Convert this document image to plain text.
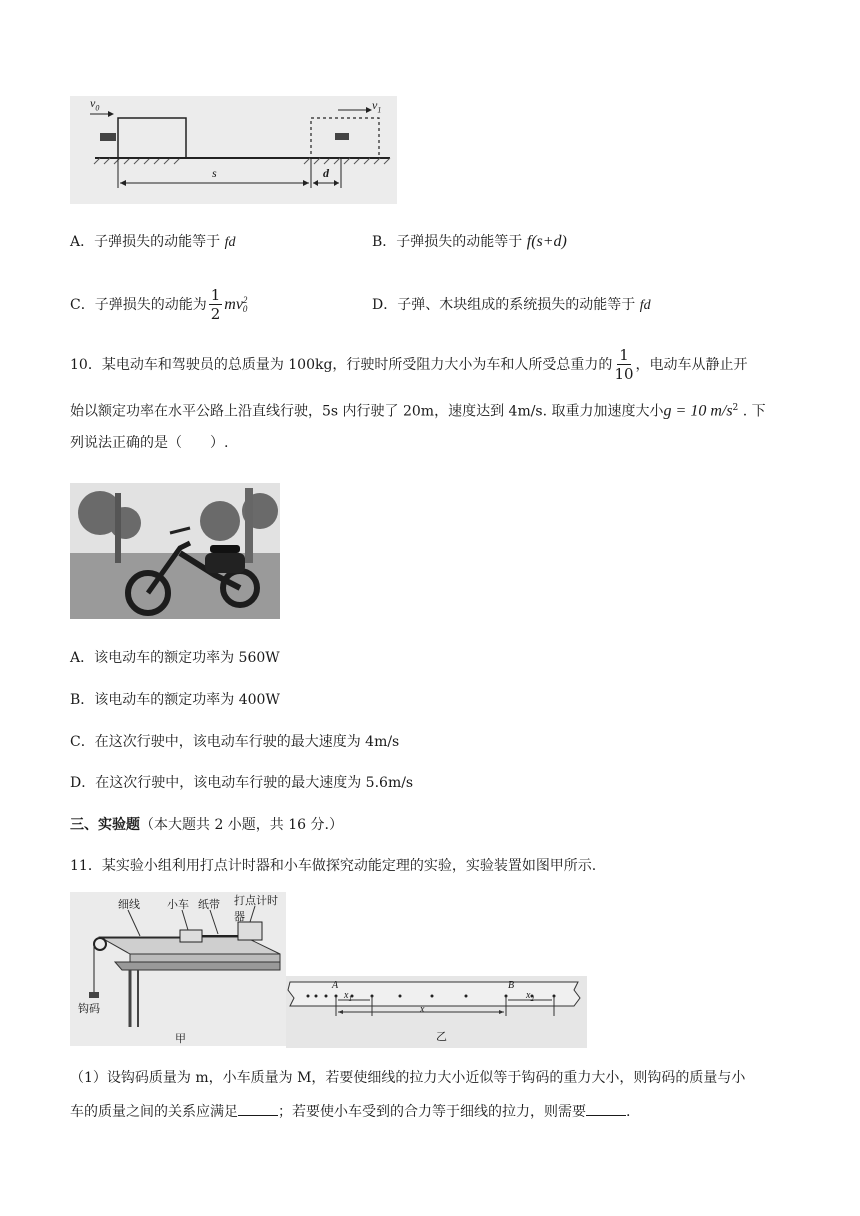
$v_0$	$v_1$
s	d
A．子弹损失的动能等于 fd	B．子弹损失的动能等于 f(s+d)
C．子弹损失的动能为 $\frac{1}{2}$ mv 2
0	D．子弹、木块组成的系统损失的动能等于 fd
10．某电动车和驾驶员的总质量为 100kg，行驶时所受阻力大小为车和人所受总重力的 $\frac{1}{10}$ ，电动车从静止开
始以额定功率在水平公路上沿直线行驶，5s 内行驶了 20m，速度达到 4m/s. 取重力加速度大小g = 10 $m/s^2$ . 下
列说法正确的是（　　）.
A．该电动车的额定功率为 560W
B．该电动车的额定功率为 400W
C．在这次行驶中，该电动车行驶的最大速度为 4m/s
D．在这次行驶中，该电动车行驶的最大速度为 5.6m/s
三、实验题（本大题共 2 小题，共 16 分.）
11．某实验小组利用打点计时器和小车做探究动能定理的实验，实验装置如图甲所示.
细线 小车 纸带 打点计时器
钩码
甲
A	B
$x_1$
x
$x_2$
乙
（1）设钩码质量为 m，小车质量为 M，若要使细线的拉力大小近似等于钩码的重力大小，则钩码的质量与小
车的质量之间的关系应满足	；若要使小车受到的合力等于细线的拉力，则需要	.
